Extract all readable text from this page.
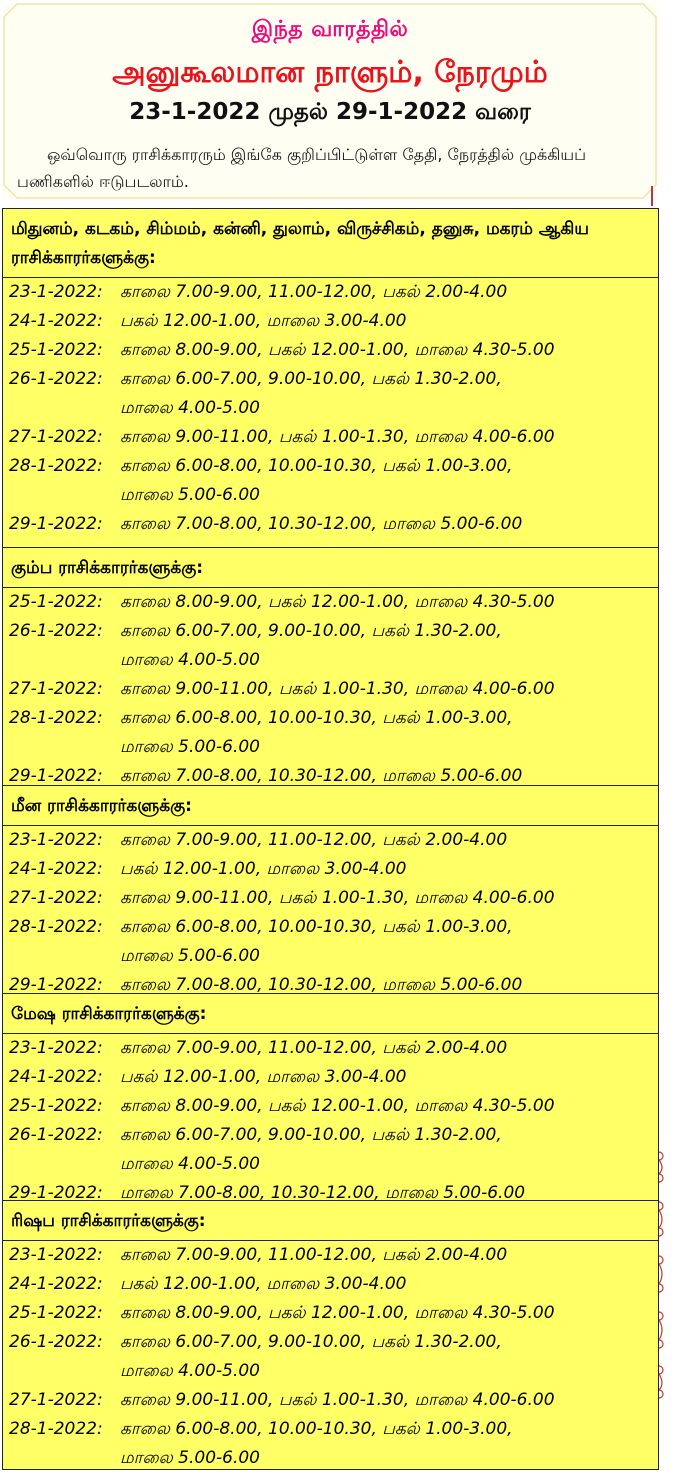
இந்த வாரத்தில்
அனுகூலமான நாளும், நேரமும்
23-1-2022 முதல் 29-1-2022 வரை
ஒவ்வொரு ராசிக்காரரும் இங்கே குறிப்பிட்டுள்ள தேதி, நேரத்தில் முக்கியப் பணிகளில் ஈடுபடலாம்.
மிதுனம், கடகம், சிம்மம், கன்னி, துலாம், விருச்சிகம், தனுசு, மகரம் ஆகிய ராசிக்காரர்களுக்கு:
23-1-2022: காலை 7.00-9.00, 11.00-12.00, பகல் 2.00-4.00
24-1-2022: பகல் 12.00-1.00, மாலை 3.00-4.00
25-1-2022: காலை 8.00-9.00, பகல் 12.00-1.00, மாலை 4.30-5.00
26-1-2022: காலை 6.00-7.00, 9.00-10.00, பகல் 1.30-2.00,
மாலை 4.00-5.00
27-1-2022: காலை 9.00-11.00, பகல் 1.00-1.30, மாலை 4.00-6.00
28-1-2022: காலை 6.00-8.00, 10.00-10.30, பகல் 1.00-3.00,
மாலை 5.00-6.00
29-1-2022: காலை 7.00-8.00, 10.30-12.00, மாலை 5.00-6.00
கும்ப ராசிக்காரர்களுக்கு:
25-1-2022: காலை 8.00-9.00, பகல் 12.00-1.00, மாலை 4.30-5.00
26-1-2022: காலை 6.00-7.00, 9.00-10.00, பகல் 1.30-2.00,
மாலை 4.00-5.00
27-1-2022: காலை 9.00-11.00, பகல் 1.00-1.30, மாலை 4.00-6.00
28-1-2022: காலை 6.00-8.00, 10.00-10.30, பகல் 1.00-3.00,
மாலை 5.00-6.00
29-1-2022: காலை 7.00-8.00, 10.30-12.00, மாலை 5.00-6.00
மீன ராசிக்காரர்களுக்கு:
23-1-2022: காலை 7.00-9.00, 11.00-12.00, பகல் 2.00-4.00
24-1-2022: பகல் 12.00-1.00, மாலை 3.00-4.00
27-1-2022: காலை 9.00-11.00, பகல் 1.00-1.30, மாலை 4.00-6.00
28-1-2022: காலை 6.00-8.00, 10.00-10.30, பகல் 1.00-3.00,
மாலை 5.00-6.00
29-1-2022: காலை 7.00-8.00, 10.30-12.00, மாலை 5.00-6.00
மேஷ ராசிக்காரர்களுக்கு:
23-1-2022: காலை 7.00-9.00, 11.00-12.00, பகல் 2.00-4.00
24-1-2022: பகல் 12.00-1.00, மாலை 3.00-4.00
25-1-2022: காலை 8.00-9.00, பகல் 12.00-1.00, மாலை 4.30-5.00
26-1-2022: காலை 6.00-7.00, 9.00-10.00, பகல் 1.30-2.00,
மாலை 4.00-5.00
29-1-2022: மாலை 7.00-8.00, 10.30-12.00, மாலை 5.00-6.00
ரிஷப ராசிக்காரர்களுக்கு:
23-1-2022: காலை 7.00-9.00, 11.00-12.00, பகல் 2.00-4.00
24-1-2022: பகல் 12.00-1.00, மாலை 3.00-4.00
25-1-2022: காலை 8.00-9.00, பகல் 12.00-1.00, மாலை 4.30-5.00
26-1-2022: காலை 6.00-7.00, 9.00-10.00, பகல் 1.30-2.00,
மாலை 4.00-5.00
27-1-2022: காலை 9.00-11.00, பகல் 1.00-1.30, மாலை 4.00-6.00
28-1-2022: காலை 6.00-8.00, 10.00-10.30, பகல் 1.00-3.00,
மாலை 5.00-6.00
